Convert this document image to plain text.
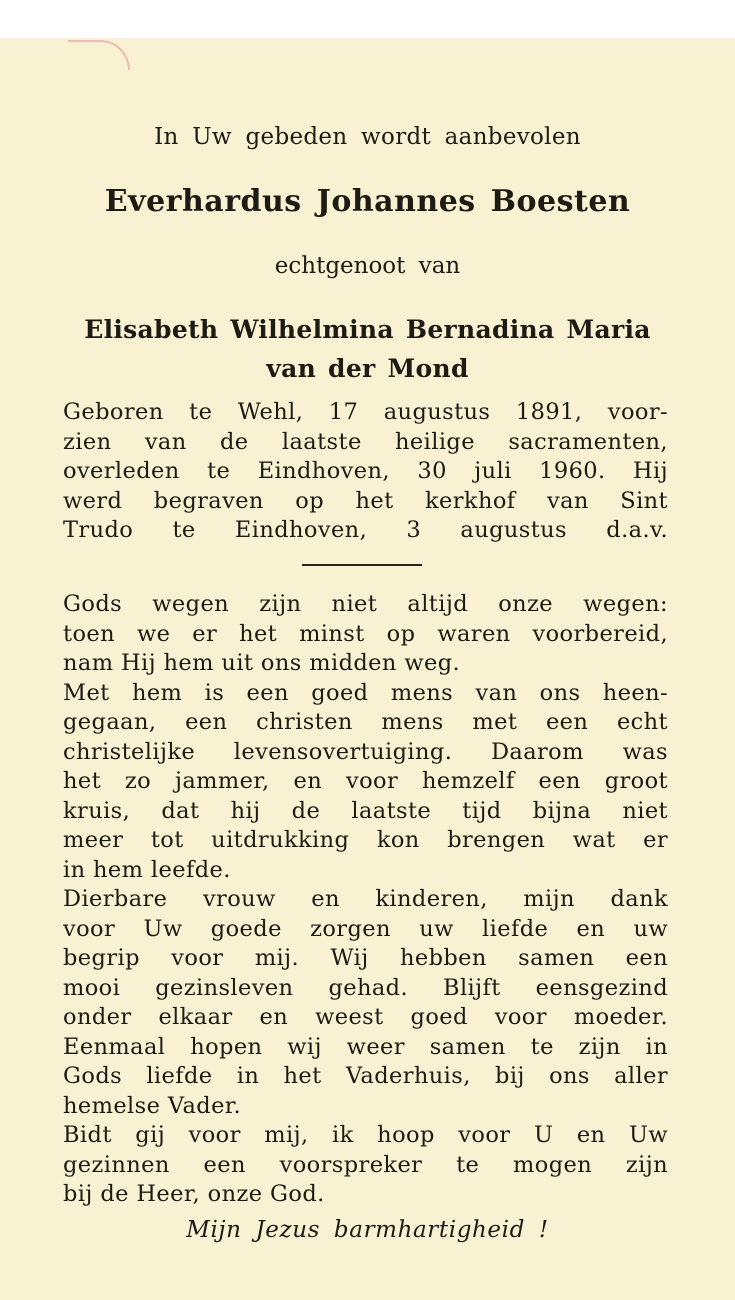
In Uw gebeden wordt aanbevolen
Everhardus Johannes Boesten
echtgenoot van
Elisabeth Wilhelmina Bernadina Maria
van der Mond
Geboren te Wehl, 17 augustus 1891, voor-
zien van de laatste heilige sacramenten,
overleden te Eindhoven, 30 juli 1960. Hij
werd begraven op het kerkhof van Sint
Trudo te Eindhoven, 3 augustus d.a.v.
Gods wegen zijn niet altijd onze wegen:
toen we er het minst op waren voorbereid,
nam Hij hem uit ons midden weg.
Met hem is een goed mens van ons heen-
gegaan, een christen mens met een echt
christelijke levensovertuiging. Daarom was
het zo jammer, en voor hemzelf een groot
kruis, dat hij de laatste tijd bijna niet
meer tot uitdrukking kon brengen wat er
in hem leefde.
Dierbare vrouw en kinderen, mijn dank
voor Uw goede zorgen uw liefde en uw
begrip voor mij. Wij hebben samen een
mooi gezinsleven gehad. Blijft eensgezind
onder elkaar en weest goed voor moeder.
Eenmaal hopen wij weer samen te zijn in
Gods liefde in het Vaderhuis, bij ons aller
hemelse Vader.
Bidt gij voor mij, ik hoop voor U en Uw
gezinnen een voorspreker te mogen zijn
bij de Heer, onze God.
Mijn Jezus barmhartigheid !
